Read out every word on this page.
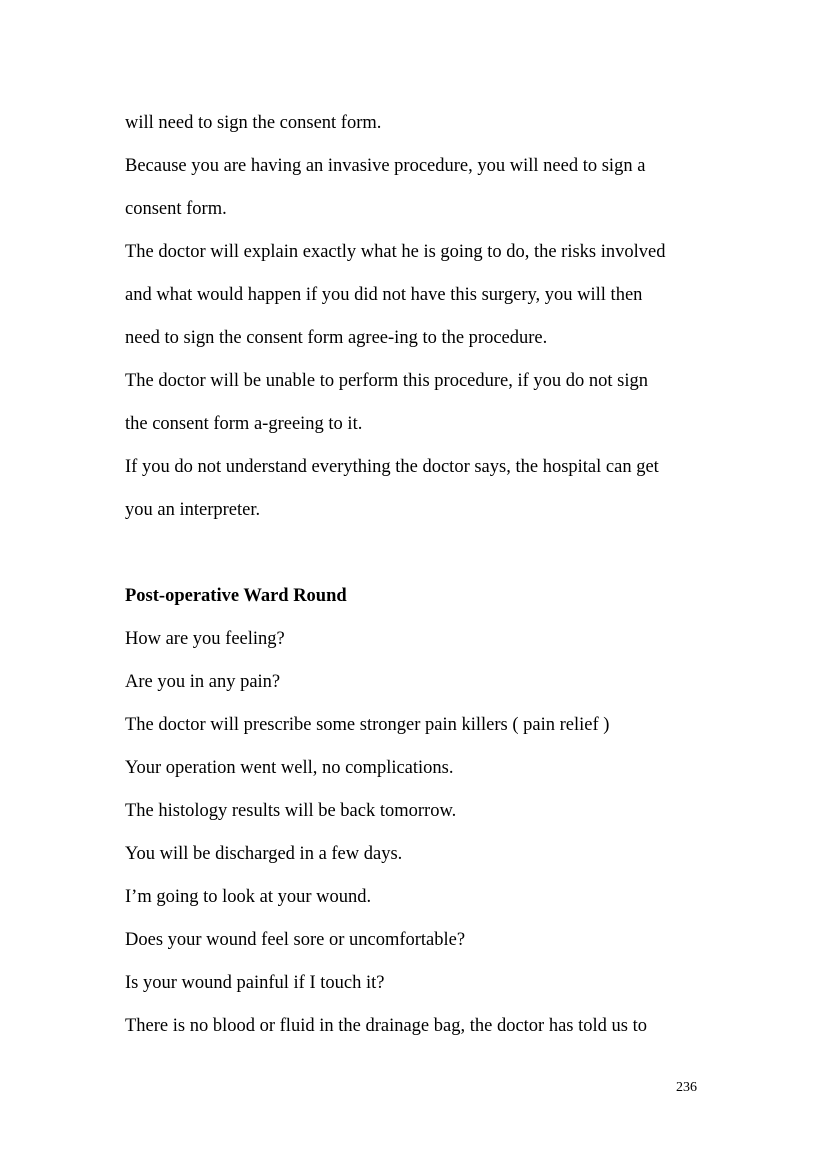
will need to sign the consent form.
Because you are having an invasive procedure, you will need to sign a
consent form.
The doctor will explain exactly what he is going to do, the risks involved
and what would happen if you did not have this surgery, you will then
need to sign the consent form agree-ing to the procedure.
The doctor will be unable to perform this procedure, if you do not sign
the consent form a-greeing to it.
If you do not understand everything the doctor says, the hospital can get
you an interpreter.
Post-operative Ward Round
How are you feeling?
Are you in any pain?
The doctor will prescribe some stronger pain killers ( pain relief )
Your operation went well, no complications.
The histology results will be back tomorrow.
You will be discharged in a few days.
I’m going to look at your wound.
Does your wound feel sore or uncomfortable?
Is your wound painful if I touch it?
There is no blood or fluid in the drainage bag, the doctor has told us to
236
